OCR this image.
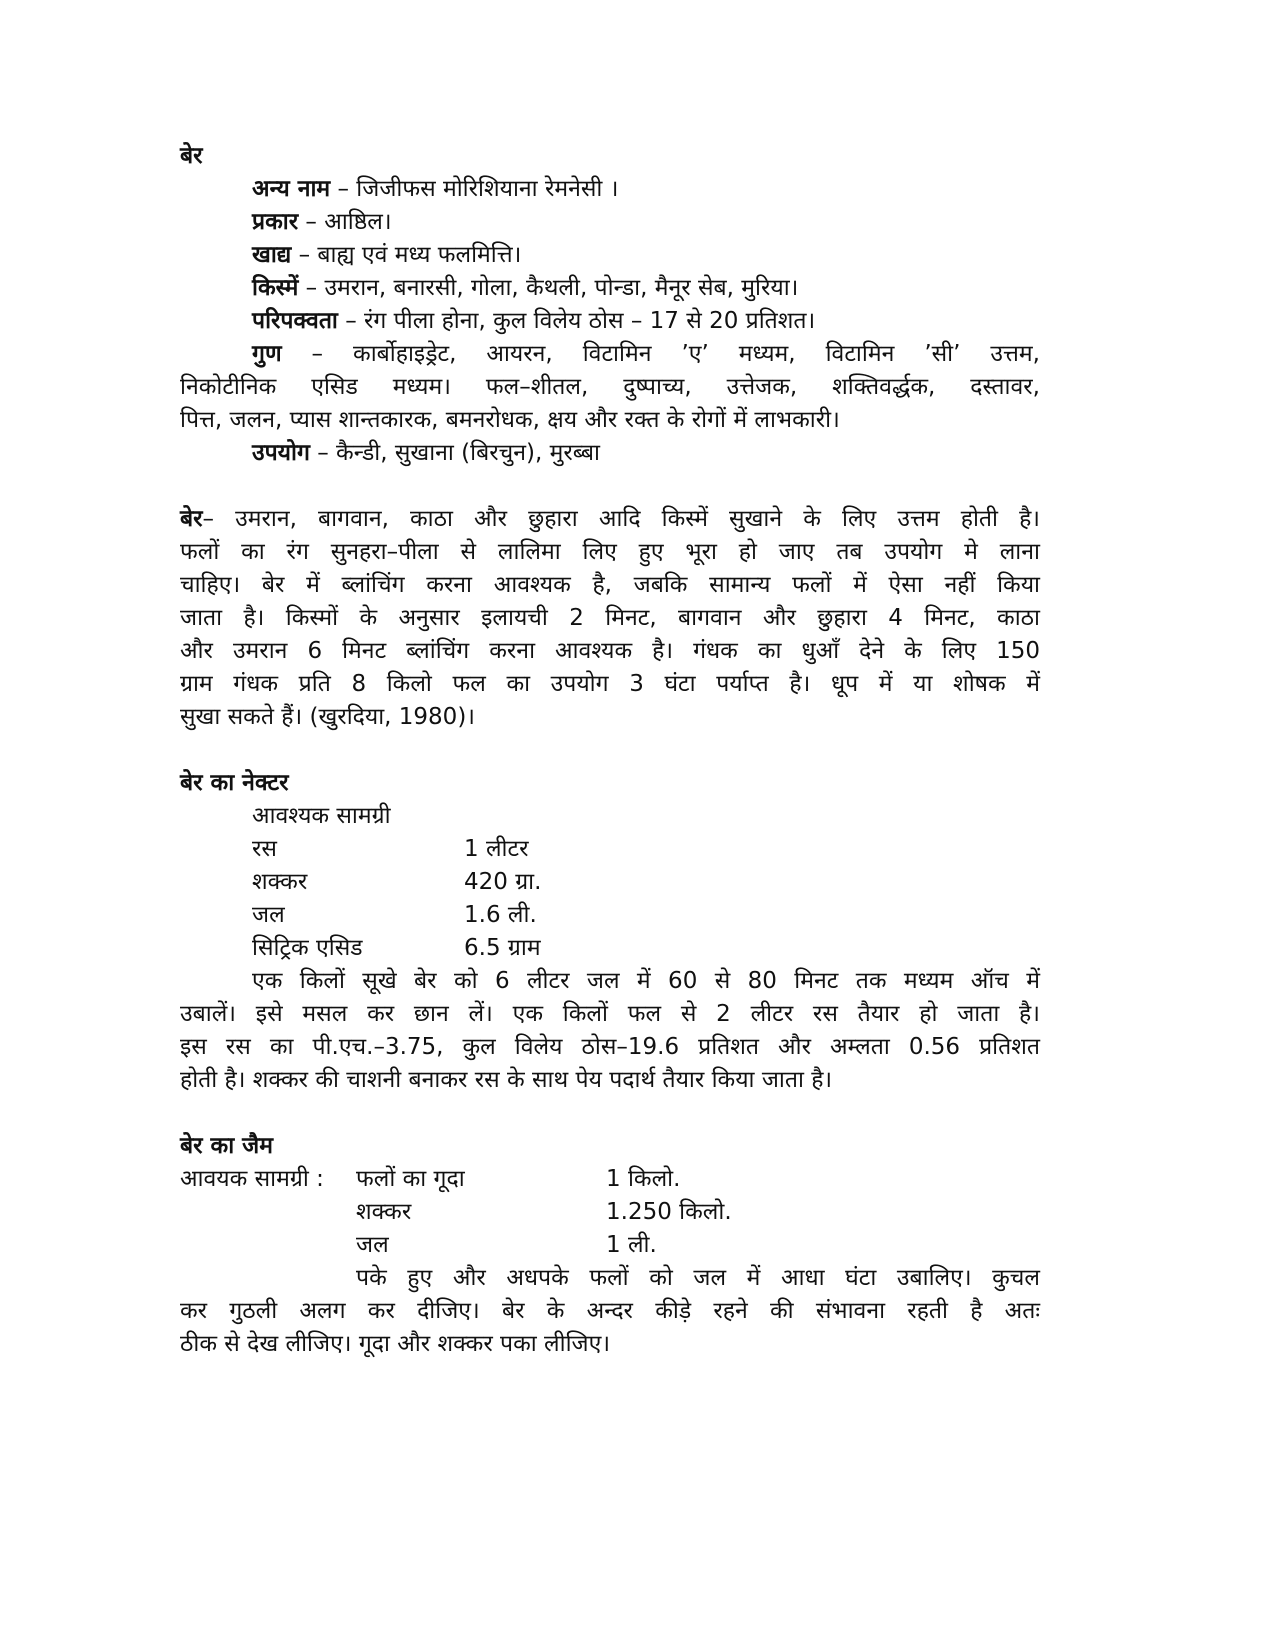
बेर
अन्य नाम – जिजीफस मोरिशियाना रेमनेसी ।
प्रकार – आष्ठिल।
खाद्य – बाह्य एवं मध्य फलमित्ति।
किस्में – उमरान, बनारसी, गोला, कैथली, पोन्डा, मैनूर सेब, मुरिया।
परिपक्वता – रंग पीला होना, कुल विलेय ठोस – 17 से 20 प्रतिशत।
गुण – कार्बोहाइड्रेट, आयरन, विटामिन ’ए’ मध्यम, विटामिन ’सी’ उत्तम,
निकोटीनिक एसिड मध्यम। फल–शीतल, दुष्पाच्य, उत्तेजक, शक्तिवर्द्धक, दस्तावर,
पित्त, जलन, प्यास शान्तकारक, बमनरोधक, क्षय और रक्त के रोगों में लाभकारी।
उपयोग – कैन्डी, सुखाना (बिरचुन), मुरब्बा
बेर– उमरान, बागवान, काठा और छुहारा आदि किस्में सुखाने के लिए उत्तम होती है।
फलों का रंग सुनहरा–पीला से लालिमा लिए हुए भूरा हो जाए तब उपयोग मे लाना
चाहिए। बेर में ब्लांचिंग करना आवश्यक है, जबकि सामान्य फलों में ऐसा नहीं किया
जाता है। किस्मों के अनुसार इलायची 2 मिनट, बागवान और छुहारा 4 मिनट, काठा
और उमरान 6 मिनट ब्लांचिंग करना आवश्यक है। गंधक का धुआँ देने के लिए 150
ग्राम गंधक प्रति 8 किलो फल का उपयोग 3 घंटा पर्याप्त है। धूप में या शोषक में
सुखा सकते हैं। (खुरदिया, 1980)।
बेर का नेक्टर
आवश्यक सामग्री
रस	1 लीटर
शक्कर	420 ग्रा.
जल	1.6 ली.
सिट्रिक एसिड	6.5 ग्राम
एक किलों सूखे बेर को 6 लीटर जल में 60 से 80 मिनट तक मध्यम ऑच में
उबालें। इसे मसल कर छान लें। एक किलों फल से 2 लीटर रस तैयार हो जाता है।
इस रस का पी.एच.–3.75, कुल विलेय ठोस–19.6 प्रतिशत और अम्लता 0.56 प्रतिशत
होती है। शक्कर की चाशनी बनाकर रस के साथ पेय पदार्थ तैयार किया जाता है।
बेर का जैम
आवयक सामग्री :	फलों का गूदा	1 किलो.
शक्कर	1.250 किलो.
जल	1 ली.
पके हुए और अधपके फलों को जल में आधा घंटा उबालिए। कुचल
कर गुठली अलग कर दीजिए। बेर के अन्दर कीड़े रहने की संभावना रहती है अतः
ठीक से देख लीजिए। गूदा और शक्कर पका लीजिए।
